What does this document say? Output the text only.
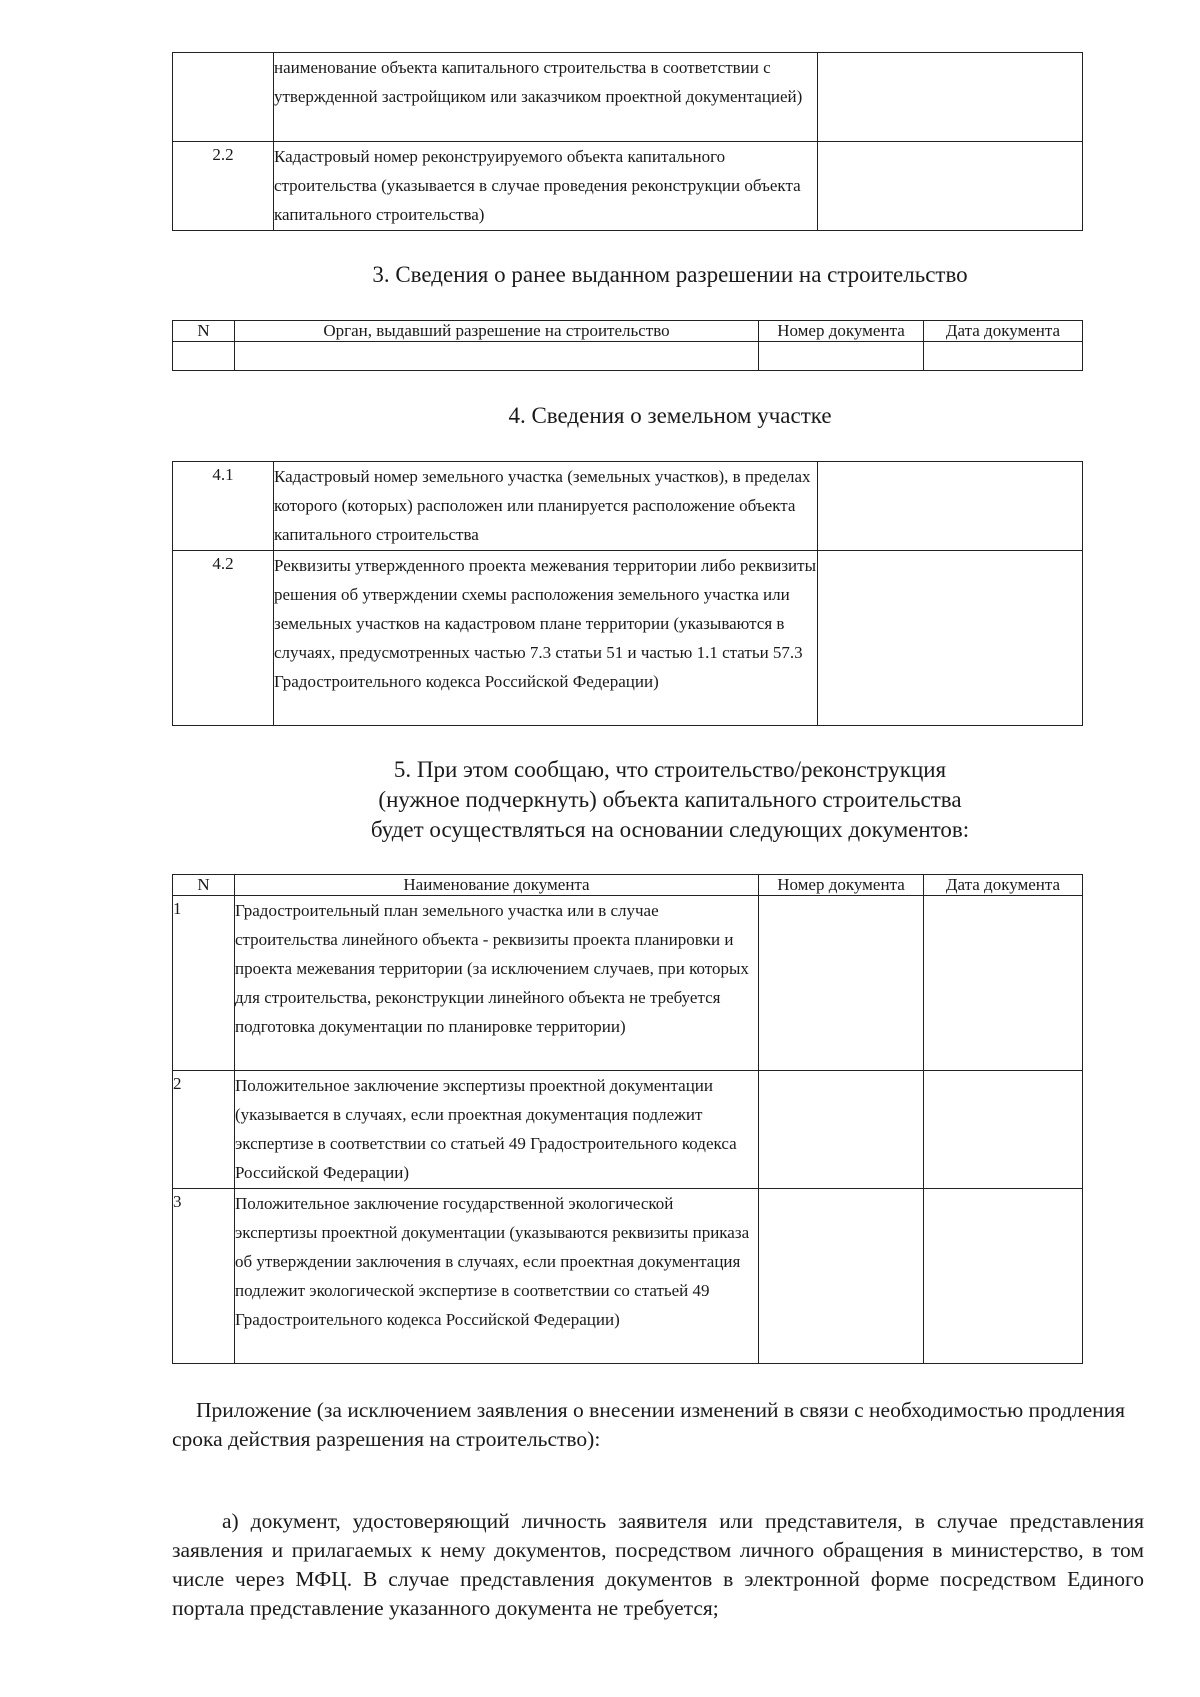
	наименование объекта капитального строительства в соответствии с утвержденной застройщиком или заказчиком проектной документацией)	
2.2	Кадастровый номер реконструируемого объекта капитального строительства (указывается в случае проведения реконструкции объекта капитального строительства)	
3. Сведения о ранее выданном разрешении на строительство
N	Орган, выдавший разрешение на строительство	Номер документа	Дата документа

4. Сведения о земельном участке
4.1	Кадастровый номер земельного участка (земельных участков), в пределах которого (которых) расположен или планируется расположение объекта капитального строительства	
4.2	Реквизиты утвержденного проекта межевания территории либо реквизиты решения об утверждении схемы расположения земельного участка или земельных участков на кадастровом плане территории (указываются в случаях, предусмотренных частью 7.3 статьи 51 и частью 1.1 статьи 57.3 Градостроительного кодекса Российской Федерации)	
5. При этом сообщаю, что строительство/реконструкция
(нужное подчеркнуть) объекта капитального строительства
будет осуществляться на основании следующих документов:
N	Наименование документа	Номер документа	Дата документа
1	Градостроительный план земельного участка или в случае строительства линейного объекта - реквизиты проекта планировки и проекта межевания территории (за исключением случаев, при которых для строительства, реконструкции линейного объекта не требуется подготовка документации по планировке территории)		
2	Положительное заключение экспертизы проектной документации (указывается в случаях, если проектная документация подлежит экспертизе в соответствии со статьей 49 Градостроительного кодекса Российской Федерации)		
3	Положительное заключение государственной экологической экспертизы проектной документации (указываются реквизиты приказа об утверждении заключения в случаях, если проектная документация подлежит экологической экспертизе в соответствии со статьей 49 Градостроительного кодекса Российской Федерации)		
Приложение (за исключением заявления о внесении изменений в связи с необходимостью продления срока действия разрешения на строительство):
а) документ, удостоверяющий личность заявителя или представителя, в случае представления заявления и прилагаемых к нему документов, посредством личного обращения в министерство, в том числе через МФЦ. В случае представления документов в электронной форме посредством Единого портала представление указанного документа не требуется;
